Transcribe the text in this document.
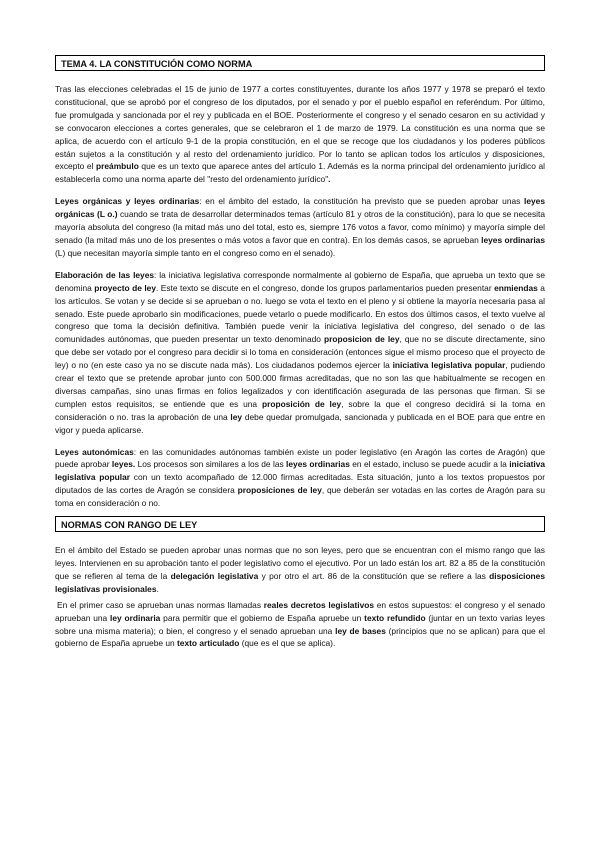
TEMA 4. LA CONSTITUCIÓN COMO NORMA

Tras las elecciones celebradas el 15 de junio de 1977 a cortes constituyentes, durante los años 1977 y 1978 se preparó el texto constitucional, que se aprobó por el congreso de los diputados, por el senado y por el pueblo español en referéndum. Por último, fue promulgada y sancionada por el rey y publicada en el BOE. Posteriormente el congreso y el senado cesaron en su actividad y se convocaron elecciones a cortes generales, que se celebraron el 1 de marzo de 1979. La constitución es una norma que se aplica, de acuerdo con el artículo 9-1 de la propia constitución, en el que se recoge que los ciudadanos y los poderes públicos están sujetos a la constitución y al resto del ordenamiento jurídico. Por lo tanto se aplican todos los artículos y disposiciones, excepto el preámbulo que es un texto que aparece antes del artículo 1. Además es la norma principal del ordenamiento jurídico al establecerla como una norma aparte del "resto del ordenamiento jurídico".

Leyes orgánicas y leyes ordinarias: en el ámbito del estado, la constitución ha previsto que se pueden aprobar unas leyes orgánicas (L o.) cuando se trata de desarrollar determinados temas (artículo 81 y otros de la constitución), para lo que se necesita mayoría absoluta del congreso (la mitad más uno del total, esto es, siempre 176 votos a favor, como mínimo) y mayoría simple del senado (la mitad más uno de los presentes o más votos a favor que en contra). En los demás casos, se aprueban leyes ordinarias (L) que necesitan mayoría simple tanto en el congreso como en el senado).

Elaboración de las leyes: la iniciativa legislativa corresponde normalmente al gobierno de España, que aprueba un texto que se denomina proyecto de ley. Este texto se discute en el congreso, donde los grupos parlamentarios pueden presentar enmiendas a los artículos. Se votan y se decide si se aprueban o no. luego se vota el texto en el pleno y si obtiene la mayoría necesaria pasa al senado. Este puede aprobarlo sin modificaciones, puede vetarlo o puede modificarlo. En estos dos últimos casos, el texto vuelve al congreso que toma la decisión definitiva. También puede venir la iniciativa legislativa del congreso, del senado o de las comunidades autónomas, que pueden presentar un texto denominado proposicion de ley, que no se discute directamente, sino que debe ser votado por el congreso para decidir si lo toma en consideración (entonces sigue el mismo proceso que el proyecto de ley) o no (en este caso ya no se discute nada más). Los ciudadanos podemos ejercer la iniciativa legislativa popular, pudiendo crear el texto que se pretende aprobar junto con 500.000 firmas acreditadas, que no son las que habitualmente se recogen en diversas campañas, sino unas firmas en folios legalizados y con identificación asegurada de las personas que firman. Si se cumplen estos requisitos, se entiende que es una proposición de ley, sobre la que el congreso decidirá si la toma en consideración o no. tras la aprobación de una ley debe quedar promulgada, sancionada y publicada en el BOE para que entre en vigor y pueda aplicarse.

Leyes autonómicas: en las comunidades autónomas también existe un poder legislativo (en Aragón las cortes de Aragón) que puede aprobar leyes. Los procesos son similares a los de las leyes ordinarias en el estado, incluso se puede acudir a la iniciativa legislativa popular con un texto acompañado de 12.000 firmas acreditadas. Esta situación, junto a los textos propuestos por diputados de las cortes de Aragón se considera proposiciones de ley, que deberán ser votadas en las cortes de Aragón para su toma en consideración o no.

NORMAS CON RANGO DE LEY

En el ámbito del Estado se pueden aprobar unas normas que no son leyes, pero que se encuentran con el mismo rango que las leyes. Intervienen en su aprobación tanto el poder legislativo como el ejecutivo. Por un lado están los art. 82 a 85 de la constitución que se refieren al tema de la delegación legislativa y por otro el art. 86 de la constitución que se refiere a las disposiciones legislativas provisionales.

En el primer caso se aprueban unas normas llamadas reales decretos legislativos en estos supuestos: el congreso y el senado aprueban una ley ordinaria para permitir que el gobierno de España apruebe un texto refundido (juntar en un texto varias leyes sobre una misma materia); o bien, el congreso y el senado aprueban una ley de bases (principios que no se aplican) para que el gobierno de España apruebe un texto articulado (que es el que se aplica).
